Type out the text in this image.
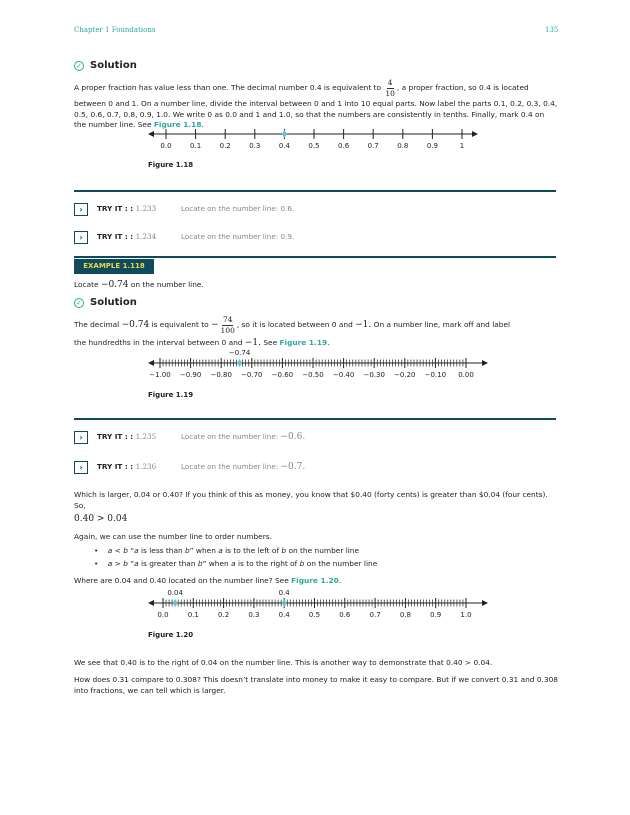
Chapter 1 Foundations	135
✓ Solution
A proper fraction has value less than one. The decimal number 0.4 is equivalent to $\frac{4}{10}$ , a proper fraction, so 0.4 is located
between 0 and 1. On a number line, divide the interval between 0 and 1 into 10 equal parts. Now label the parts 0.1, 0.2, 0.3, 0.4, 0.5, 0.6, 0.7, 0.8, 0.9, 1.0. We write 0 as 0.0 and 1 and 1.0, so that the numbers are consistently in tenths. Finally, mark 0.4 on the number line. See Figure 1.18.
0.0	0.1	0.2	0.3	0.4	0.5	0.6	0.7	0.8	0.9	1
Figure 1.18
›	TRY IT : : 1.233	Locate on the number line: 0.6.
›	TRY IT : : 1.234	Locate on the number line: 0.9.
EXAMPLE 1.118
Locate −0.74 on the number line.
✓ Solution
The decimal −0.74 is equivalent to − $\frac{74}{100}$ , so it is located between 0 and −1. On a number line, mark off and label
the hundredths in the interval between 0 and −1. See Figure 1.19.
−1.00 −0.90 −0.80 −0.70 −0.60 −0.50 −0.40 −0.30 −0.20 −0.10 0.00
−0.74
Figure 1.19
›	TRY IT : : 1.235	Locate on the number line: −0.6.
›	TRY IT : : 1.236	Locate on the number line: −0.7.
Which is larger, 0.04 or 0.40? If you think of this as money, you know that $0.40 (forty cents) is greater than $0.04 (four cents). So,
0.40 > 0.04
Again, we can use the number line to order numbers.
•    a < b “a is less than b” when a is to the left of b on the number line
•    a > b “a is greater than b” when a is to the right of b on the number line
Where are 0.04 and 0.40 located on the number line? See Figure 1.20.
0.0	0.1	0.2	0.3	0.4	0.5	0.6	0.7	0.8	0.9	1.0
0.04	0.4
Figure 1.20
We see that 0.40 is to the right of 0.04 on the number line. This is another way to demonstrate that 0.40 > 0.04.
How does 0.31 compare to 0.308? This doesn’t translate into money to make it easy to compare. But if we convert 0.31 and 0.308 into fractions, we can tell which is larger.
